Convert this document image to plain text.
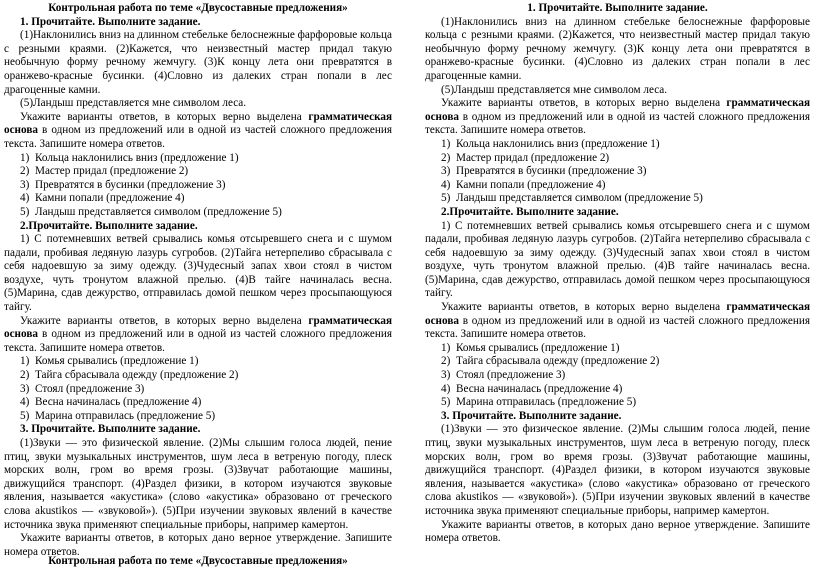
Контрольная работа по теме «Двусоставные предложения»

1. Прочитайте. Выполните задание.

(1)Наклонились вниз на длинном стебельке белоснежные фарфоровые кольца с резными краями. (2)Кажется, что неизвестный мастер придал такую необычную форму речному жемчугу. (3)К концу лета они превратятся в оранжево-красные бусинки. (4)Словно из далеких стран попали в лес драгоценные камни.

(5)Ландыш представляется мне символом леса.

Укажите варианты ответов, в которых верно выделена грамматическая основа в одном из предложений или в одной из частей сложного предложения текста. Запишите номера ответов.

1) Кольца наклонились вниз (предложение 1)

2) Мастер придал (предложение 2)

3) Превратятся в бусинки (предложение 3)

4) Камни попали (предложение 4)

5) Ландыш представляется символом (предложение 5)

2.Прочитайте. Выполните задание.

1) С потемневших ветвей срывались комья отсыревшего снега и с шумом падали, пробивая ледяную лазурь сугробов. (2)Тайга нетерпеливо сбрасывала с себя надоевшую за зиму одежду. (3)Чудесный запах хвои стоял в чистом воздухе, чуть тронутом влажной прелью. (4)В тайге начиналась весна. (5)Марина, сдав дежурство, отправилась домой пешком через просыпающуюся тайгу.

Укажите варианты ответов, в которых верно выделена грамматическая основа в одном из предложений или в одной из частей сложного предложения текста. Запишите номера ответов.

1) Комья срывались (предложение 1)

2) Тайга сбрасывала одежду (предложение 2)

3) Стоял (предложение 3)

4) Весна начиналась (предложение 4)

5) Марина отправилась (предложение 5)

3. Прочитайте. Выполните задание.

(1)Звуки — это физической явление. (2)Мы слышим голоса людей, пение птиц, звуки музыкальных инструментов, шум леса в ветреную погоду, плеск морских волн, гром во время грозы. (3)Звучат работающие машины, движущийся транспорт. (4)Раздел физики, в котором изучаются звуковые явления, называется «акустика» (слово «акустика» образовано от греческого слова akustikos — «звуковой»). (5)При изучении звуковых явлений в качестве источника звука применяют специальные приборы, например камертон.

Укажите варианты ответов, в которых дано верное утверждение. Запишите номера ответов.

Контрольная работа по теме «Двусоставные предложения»

1. Прочитайте. Выполните задание.

(1)Наклонились вниз на длинном стебельке белоснежные фарфоровые кольца с резными краями. (2)Кажется, что неизвестный мастер придал такую необычную форму речному жемчугу. (3)К концу лета они превратятся в оранжево-красные бусинки. (4)Словно из далеких стран попали в лес драгоценные камни.

(5)Ландыш представляется мне символом леса.

Укажите варианты ответов, в которых верно выделена грамматическая основа в одном из предложений или в одной из частей сложного предложения текста. Запишите номера ответов.

1) Кольца наклонились вниз (предложение 1)

2) Мастер придал (предложение 2)

3) Превратятся в бусинки (предложение 3)

4) Камни попали (предложение 4)

5) Ландыш представляется символом (предложение 5)

2.Прочитайте. Выполните задание.

1) С потемневших ветвей срывались комья отсыревшего снега и с шумом падали, пробивая ледяную лазурь сугробов. (2)Тайга нетерпеливо сбрасывала с себя надоевшую за зиму одежду. (3)Чудесный запах хвои стоял в чистом воздухе, чуть тронутом влажной прелью. (4)В тайге начиналась весна. (5)Марина, сдав дежурство, отправилась домой пешком через просыпающуюся тайгу.

Укажите варианты ответов, в которых верно выделена грамматическая основа в одном из предложений или в одной из частей сложного предложения текста. Запишите номера ответов.

1) Комья срывались (предложение 1)

2) Тайга сбрасывала одежду (предложение 2)

3) Стоял (предложение 3)

4) Весна начиналась (предложение 4)

5) Марина отправилась (предложение 5)

3. Прочитайте. Выполните задание.

(1)Звуки — это физическое явление. (2)Мы слышим голоса людей, пение птиц, звуки музыкальных инструментов, шум леса в ветреную погоду, плеск морских волн, гром во время грозы. (3)Звучат работающие машины, движущийся транспорт. (4)Раздел физики, в котором изучаются звуковые явления, называется «акустика» (слово «акустика» образовано от греческого слова akustikos — «звуковой»). (5)При изучении звуковых явлений в качестве источника звука применяют специальные приборы, например камертон.

Укажите варианты ответов, в которых дано верное утверждение. Запишите номера ответов.
